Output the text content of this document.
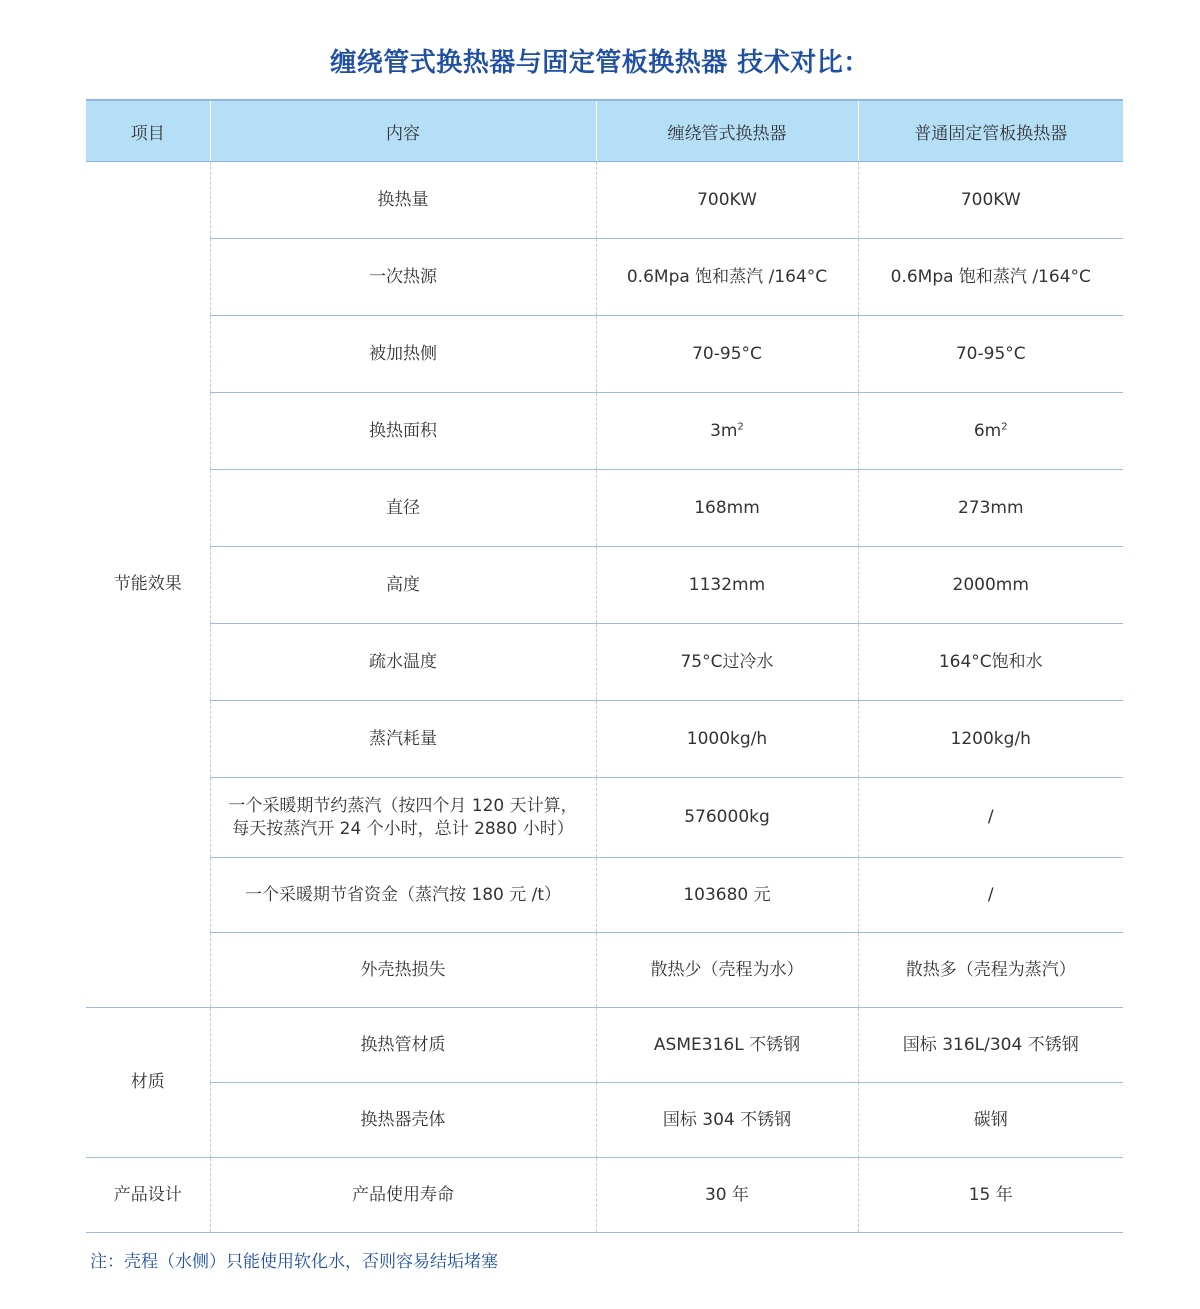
缠绕管式换热器与固定管板换热器 技术对比：
项目	内容	缠绕管式换热器	普通固定管板换热器
节能效果	换热量	700KW	700KW
	一次热源	0.6Mpa 饱和蒸汽 /164°C	0.6Mpa 饱和蒸汽 /164°C
	被加热侧	70-95°C	70-95°C
	换热面积	$3m^2$	$6m^2$
	直径	168mm	273mm
	高度	1132mm	2000mm
	疏水温度	75°C过冷水	164°C饱和水
	蒸汽耗量	1000kg/h	1200kg/h

	一个采暖期节约蒸汽（按四个月 120 天计算，
每天按蒸汽开 24 个小时，总计 2880 小时）	576000kg	/
	一个采暖期节省资金（蒸汽按 180 元 /t）	103680 元	/
	外壳热损失	散热少（壳程为水）	散热多（壳程为蒸汽）
材质	换热管材质	ASME316L 不锈钢	国标 316L/304 不锈钢
	换热器壳体	国标 304 不锈钢	碳钢
产品设计	产品使用寿命	30 年	15 年
注：壳程（水侧）只能使用软化水，否则容易结垢堵塞
